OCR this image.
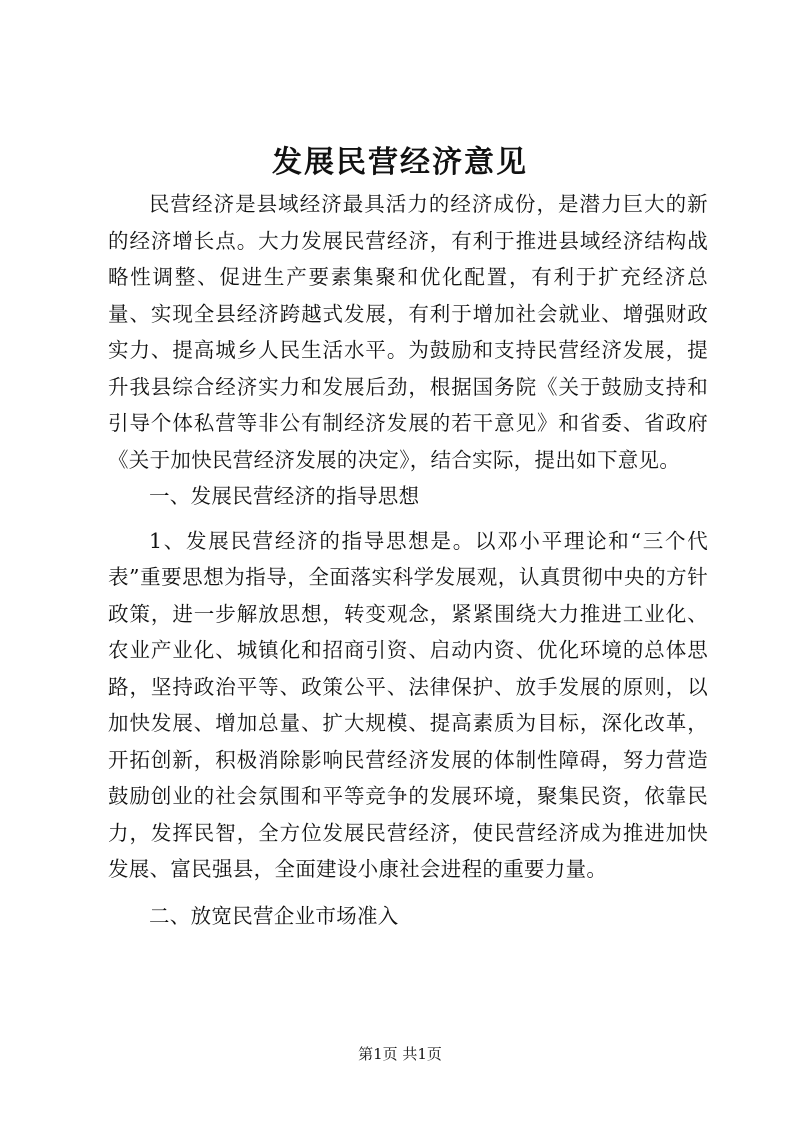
发展民营经济意见

民营经济是县域经济最具活力的经济成份，是潜力巨大的新的经济增长点。大力发展民营经济，有利于推进县域经济结构战略性调整、促进生产要素集聚和优化配置，有利于扩充经济总量、实现全县经济跨越式发展，有利于增加社会就业、增强财政实力、提高城乡人民生活水平。为鼓励和支持民营经济发展，提升我县综合经济实力和发展后劲，根据国务院《关于鼓励支持和引导个体私营等非公有制经济发展的若干意见》和省委、省政府《关于加快民营经济发展的决定》，结合实际，提出如下意见。

一、发展民营经济的指导思想

1、发展民营经济的指导思想是。以邓小平理论和“三个代表”重要思想为指导，全面落实科学发展观，认真贯彻中央的方针政策，进一步解放思想，转变观念，紧紧围绕大力推进工业化、农业产业化、城镇化和招商引资、启动内资、优化环境的总体思路，坚持政治平等、政策公平、法律保护、放手发展的原则，以加快发展、增加总量、扩大规模、提高素质为目标，深化改革，开拓创新，积极消除影响民营经济发展的体制性障碍，努力营造鼓励创业的社会氛围和平等竞争的发展环境，聚集民资，依靠民力，发挥民智，全方位发展民营经济，使民营经济成为推进加快发展、富民强县，全面建设小康社会进程的重要力量。

二、放宽民营企业市场准入

第1页 共1页
